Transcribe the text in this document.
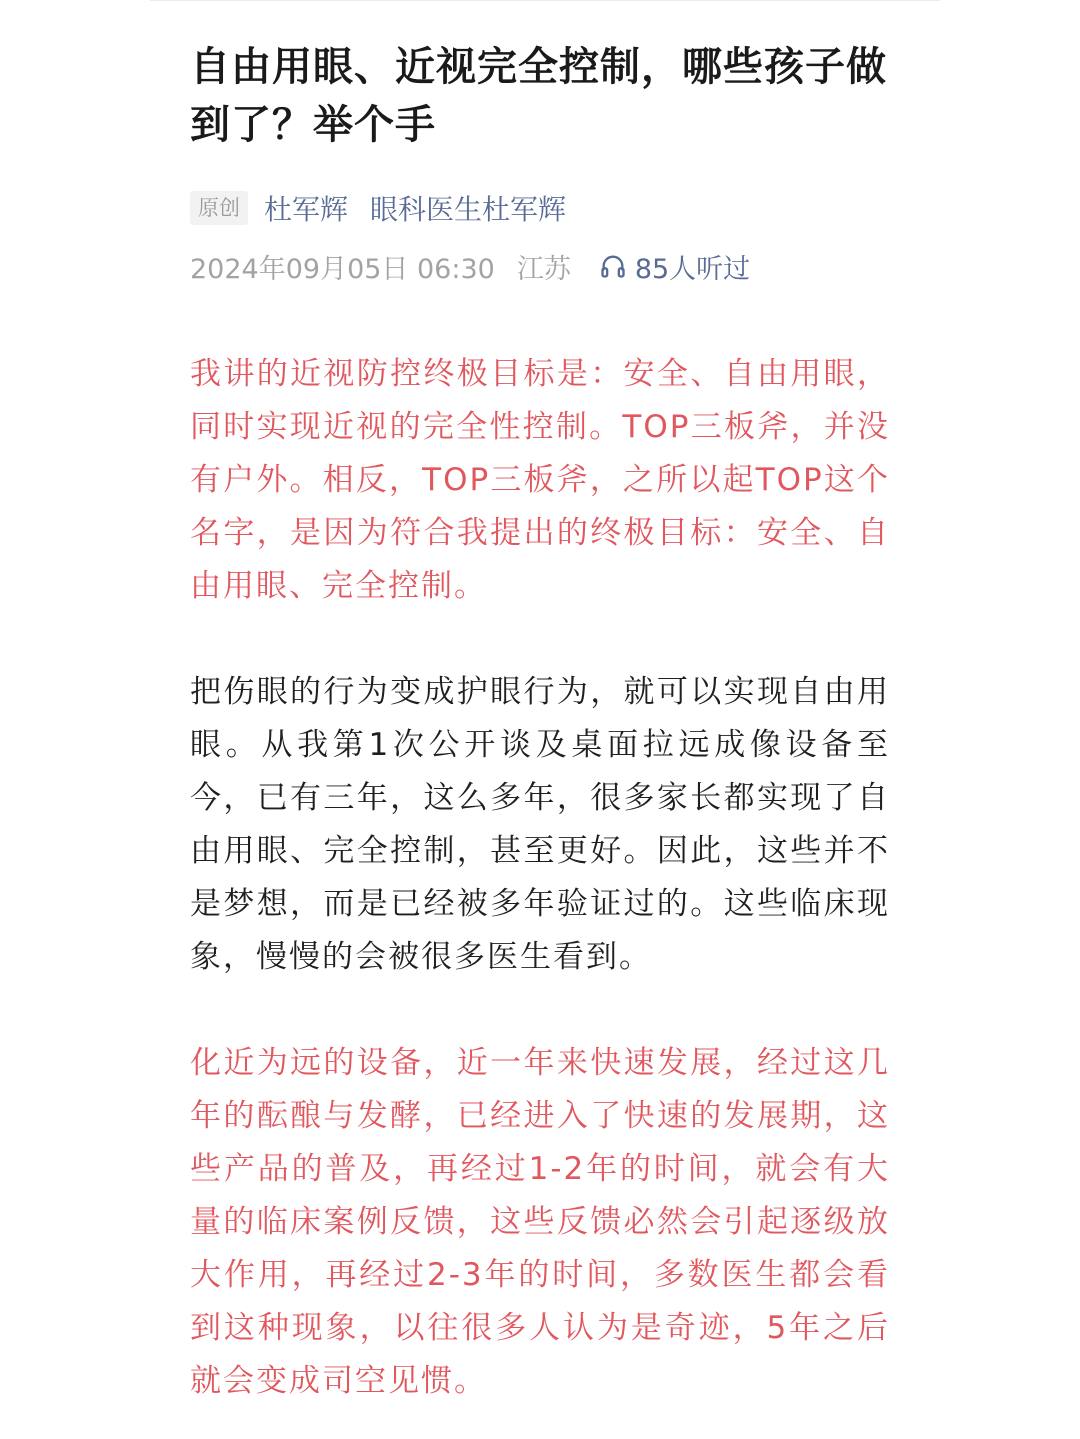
自由用眼、近视完全控制，哪些孩子做到了？举个手
原创 杜军辉 眼科医生杜军辉
2024年09月05日 06:30 江苏 85人听过

我讲的近视防控终极目标是：安全、自由用眼，同时实现近视的完全性控制。TOP三板斧，并没有户外。相反，TOP三板斧，之所以起TOP这个名字，是因为符合我提出的终极目标：安全、自由用眼、完全控制。

把伤眼的行为变成护眼行为，就可以实现自由用眼。从我第1次公开谈及桌面拉远成像设备至今，已有三年，这么多年，很多家长都实现了自由用眼、完全控制，甚至更好。因此，这些并不是梦想，而是已经被多年验证过的。这些临床现象，慢慢的会被很多医生看到。

化近为远的设备，近一年来快速发展，经过这几年的酝酿与发酵，已经进入了快速的发展期，这些产品的普及，再经过1-2年的时间，就会有大量的临床案例反馈，这些反馈必然会引起逐级放大作用，再经过2-3年的时间，多数医生都会看到这种现象，以往很多人认为是奇迹，5年之后就会变成司空见惯。
